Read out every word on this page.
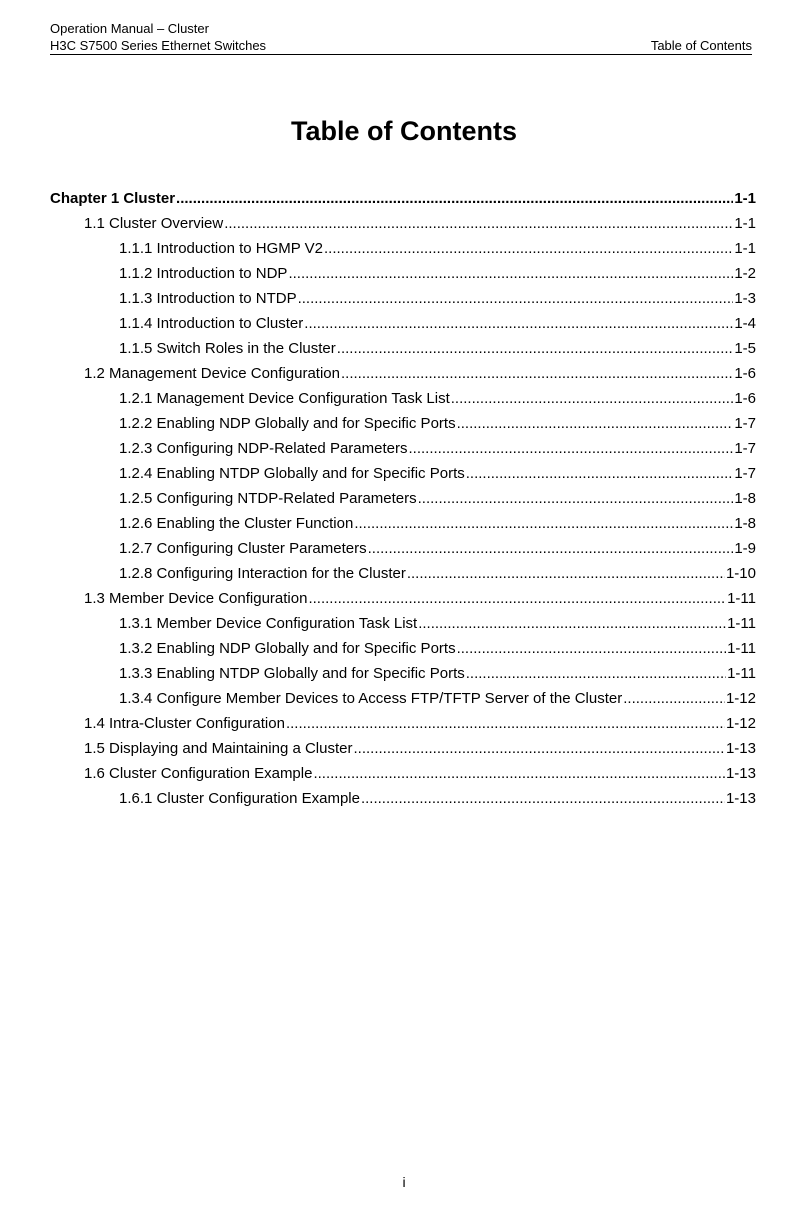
Operation Manual – Cluster
H3C S7500 Series Ethernet Switches	Table of Contents
Table of Contents
Chapter 1 Cluster .....	1-1
1.1 Cluster Overview .....	1-1
1.1.1 Introduction to HGMP V2 .....	1-1
1.1.2 Introduction to NDP .....	1-2
1.1.3 Introduction to NTDP .....	1-3
1.1.4 Introduction to Cluster .....	1-4
1.1.5 Switch Roles in the Cluster .....	1-5
1.2 Management Device Configuration .....	1-6
1.2.1 Management Device Configuration Task List .....	1-6
1.2.2 Enabling NDP Globally and for Specific Ports .....	1-7
1.2.3 Configuring NDP-Related Parameters .....	1-7
1.2.4 Enabling NTDP Globally and for Specific Ports .....	1-7
1.2.5 Configuring NTDP-Related Parameters .....	1-8
1.2.6 Enabling the Cluster Function .....	1-8
1.2.7 Configuring Cluster Parameters .....	1-9
1.2.8 Configuring Interaction for the Cluster .....	1-10
1.3 Member Device Configuration .....	1-11
1.3.1 Member Device Configuration Task List .....	1-11
1.3.2 Enabling NDP Globally and for Specific Ports .....	1-11
1.3.3 Enabling NTDP Globally and for Specific Ports .....	1-11
1.3.4 Configure Member Devices to Access FTP/TFTP Server of the Cluster .....	1-12
1.4 Intra-Cluster Configuration .....	1-12
1.5 Displaying and Maintaining a Cluster .....	1-13
1.6 Cluster Configuration Example .....	1-13
1.6.1 Cluster Configuration Example .....	1-13
i
